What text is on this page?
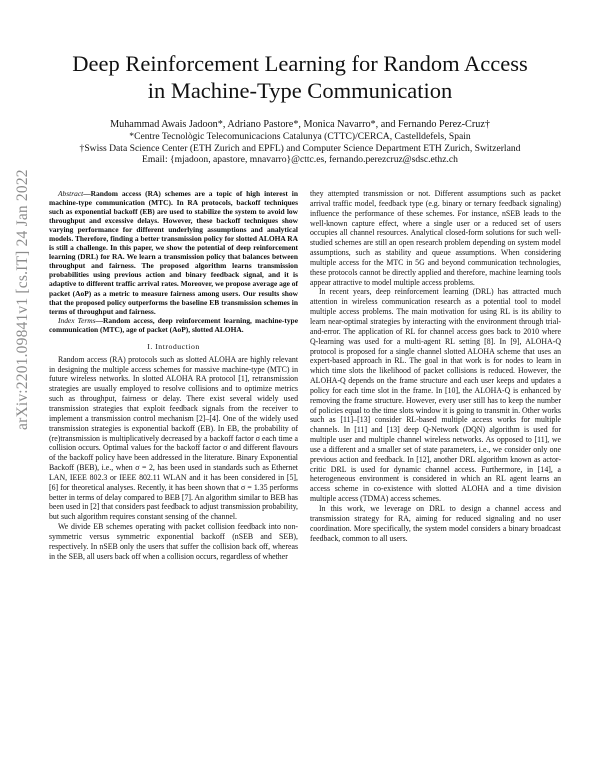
arXiv:2201.09841v1 [cs.IT] 24 Jan 2022
Deep Reinforcement Learning for Random Access
in Machine-Type Communication
Muhammad Awais Jadoon*, Adriano Pastore*, Monica Navarro*, and Fernando Perez-Cruz†
*Centre Tecnològic Telecomunicacions Catalunya (CTTC)/CERCA, Castelldefels, Spain
†Swiss Data Science Center (ETH Zurich and EPFL) and Computer Science Department ETH Zurich, Switzerland
Email: {mjadoon, apastore, mnavarro}@cttc.es, fernando.perezcruz@sdsc.ethz.ch

Abstract—Random access (RA) schemes are a topic of high interest in machine-type communication (MTC). In RA protocols, backoff techniques such as exponential backoff (EB) are used to stabilize the system to avoid low throughput and excessive delays. However, these backoff techniques show varying performance for different underlying assumptions and analytical models. Therefore, finding a better transmission policy for slotted ALOHA RA is still a challenge. In this paper, we show the potential of deep reinforcement learning (DRL) for RA. We learn a transmission policy that balances between throughput and fairness. The proposed algorithm learns transmission probabilities using previous action and binary feedback signal, and it is adaptive to different traffic arrival rates. Moreover, we propose average age of packet (AoP) as a metric to measure fairness among users. Our results show that the proposed policy outperforms the baseline EB transmission schemes in terms of throughput and fairness.

Index Terms—Random access, deep reinforcement learning, machine-type communication (MTC), age of packet (AoP), slotted ALOHA.

I. Introduction

Random access (RA) protocols such as slotted ALOHA are highly relevant in designing the multiple access schemes for massive machine-type (MTC) in future wireless networks. In slotted ALOHA RA protocol [1], retransmission strategies are usually employed to resolve collisions and to optimize metrics such as throughput, fairness or delay. There exist several widely used transmission strategies that exploit feedback signals from the receiver to implement a transmission control mechanism [2]–[4]. One of the widely used transmission strategies is exponential backoff (EB). In EB, the probability of (re)transmission is multiplicatively decreased by a backoff factor σ each time a collision occurs. Optimal values for the backoff factor σ and different flavours of the backoff policy have been addressed in the literature. Binary Exponential Backoff (BEB), i.e., when σ = 2, has been used in standards such as Ethernet LAN, IEEE 802.3 or IEEE 802.11 WLAN and it has been considered in [5], [6] for theoretical analyses. Recently, it has been shown that σ = 1.35 performs better in terms of delay compared to BEB [7]. An algorithm similar to BEB has been used in [2] that considers past feedback to adjust transmission probability, but such algorithm requires constant sensing of the channel.

We divide EB schemes operating with packet collision feedback into non-symmetric versus symmetric exponential backoff (nSEB and SEB), respectively. In nSEB only the users that suffer the collision back off, whereas in the SEB, all users back off when a collision occurs, regardless of whether

they attempted transmission or not. Different assumptions such as packet arrival traffic model, feedback type (e.g. binary or ternary feedback signaling) influence the performance of these schemes. For instance, nSEB leads to the well-known capture effect, where a single user or a reduced set of users occupies all channel resources. Analytical closed-form solutions for such well-studied schemes are still an open research problem depending on system model assumptions, such as stability and queue assumptions. When considering multiple access for the MTC in 5G and beyond communication technologies, these protocols cannot be directly applied and therefore, machine learning tools appear attractive to model multiple access problems.

In recent years, deep reinforcement learning (DRL) has attracted much attention in wireless communication research as a potential tool to model multiple access problems. The main motivation for using RL is its ability to learn near-optimal strategies by interacting with the environment through trial-and-error. The application of RL for channel access goes back to 2010 where Q-learning was used for a multi-agent RL setting [8]. In [9], ALOHA-Q protocol is proposed for a single channel slotted ALOHA scheme that uses an expert-based approach in RL. The goal in that work is for nodes to learn in which time slots the likelihood of packet collisions is reduced. However, the ALOHA-Q depends on the frame structure and each user keeps and updates a policy for each time slot in the frame. In [10], the ALOHA-Q is enhanced by removing the frame structure. However, every user still has to keep the number of policies equal to the time slots window it is going to transmit in. Other works such as [11]–[13] consider RL-based multiple access works for multiple channels. In [11] and [13] deep Q-Network (DQN) algorithm is used for multiple user and multiple channel wireless networks. As opposed to [11], we use a different and a smaller set of state parameters, i.e., we consider only one previous action and feedback. In [12], another DRL algorithm known as actor-critic DRL is used for dynamic channel access. Furthermore, in [14], a heterogeneous environment is considered in which an RL agent learns an access scheme in co-existence with slotted ALOHA and a time division multiple access (TDMA) access schemes.

In this work, we leverage on DRL to design a channel access and transmission strategy for RA, aiming for reduced signaling and no user coordination. More specifically, the system model considers a binary broadcast feedback, common to all users.
